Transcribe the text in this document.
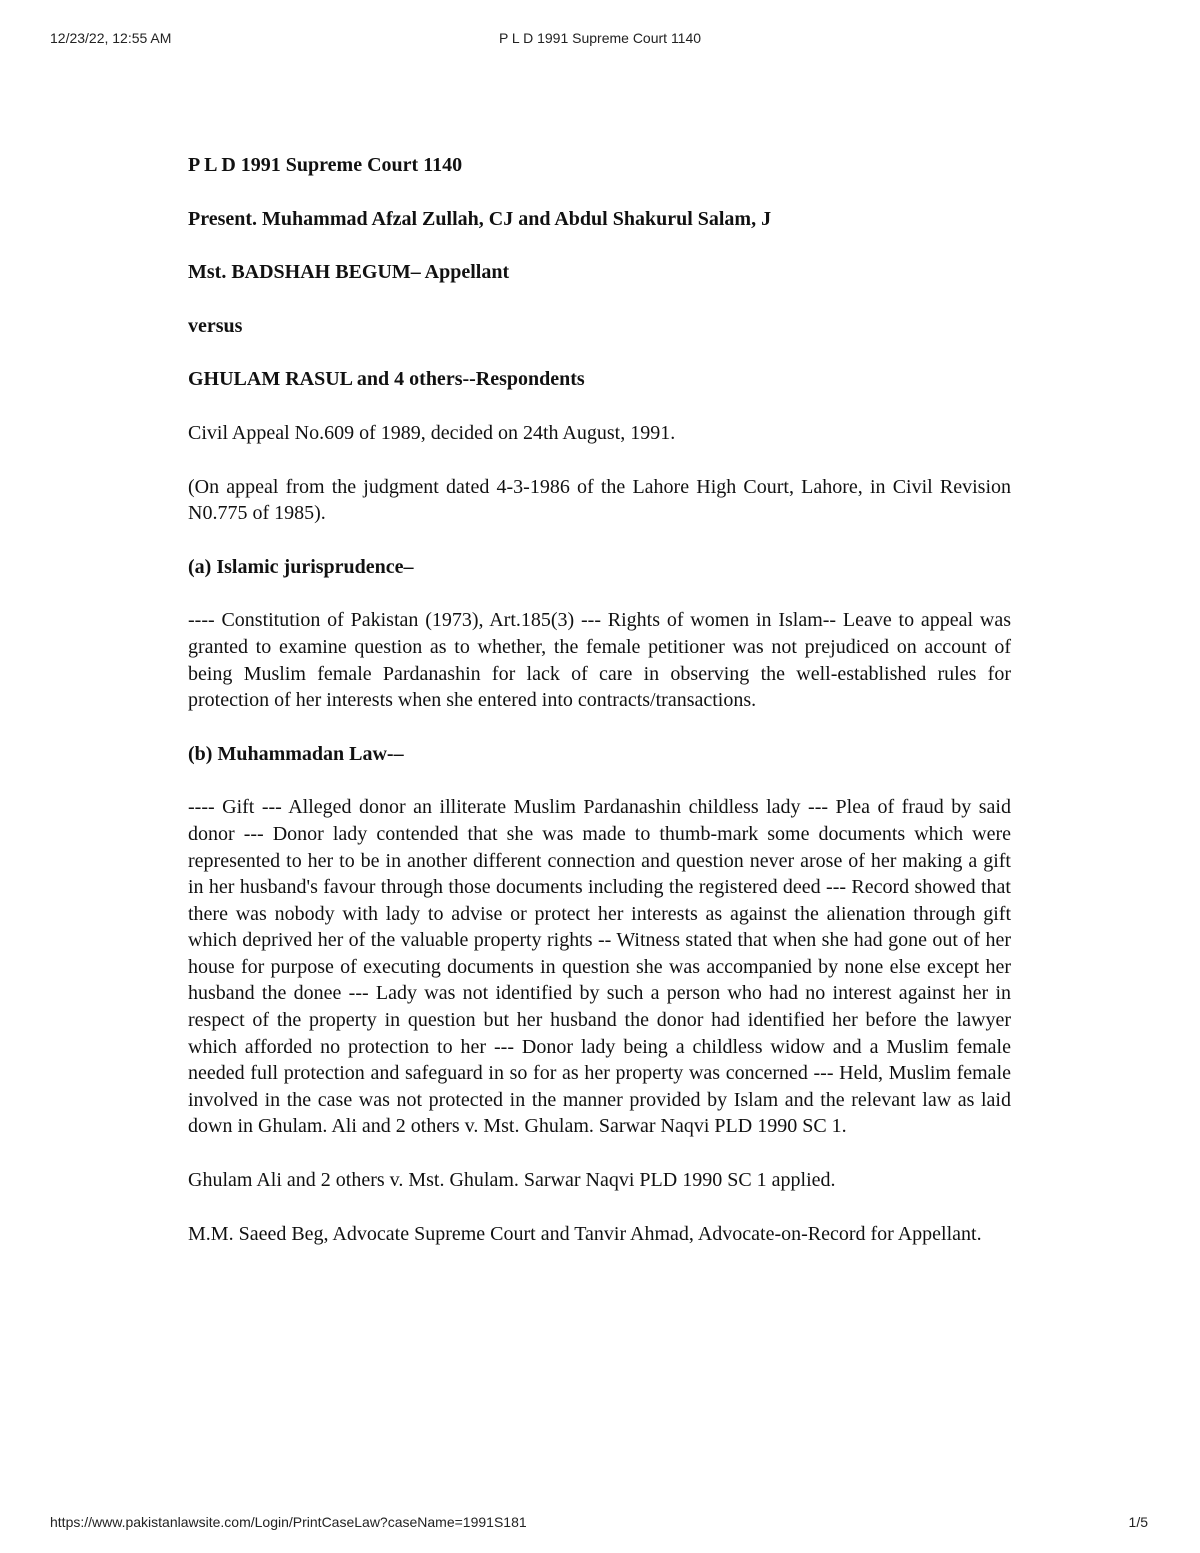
12/23/22, 12:55 AM	P L D 1991 Supreme Court 1140

P L D 1991 Supreme Court 1140

Present. Muhammad Afzal Zullah, CJ and Abdul Shakurul Salam, J

Mst. BADSHAH BEGUM– Appellant

versus

GHULAM RASUL and 4 others--Respondents

Civil Appeal No.609 of 1989, decided on 24th August, 1991.

(On appeal from the judgment dated 4-3-1986 of the Lahore High Court, Lahore, in Civil Revision N0.775 of 1985).

(a) Islamic jurisprudence–

---- Constitution of Pakistan (1973), Art.185(3) --- Rights of women in Islam-- Leave to appeal was granted to examine question as to whether, the female petitioner was not prejudiced on account of being Muslim female Pardanashin for lack of care in observing the well-established rules for protection of her interests when she entered into contracts/transactions.

(b) Muhammadan Law-–

---- Gift --- Alleged donor an illiterate Muslim Pardanashin childless lady --- Plea of fraud by said donor --- Donor lady contended that she was made to thumb-mark some documents which were represented to her to be in another different connection and question never arose of her making a gift in her husband's favour through those documents including the registered deed --- Record showed that there was nobody with lady to advise or protect her interests as against the alienation through gift which deprived her of the valuable property rights -- Witness stated that when she had gone out of her house for purpose of executing documents in question she was accompanied by none else except her husband the donee --- Lady was not identified by such a person who had no interest against her in respect of the property in question but her husband the donor had identified her before the lawyer which afforded no protection to her --- Donor lady being a childless widow and a Muslim female needed full protection and safeguard in so for as her property was concerned --- Held, Muslim female involved in the case was not protected in the manner provided by Islam and the relevant law as laid down in Ghulam. Ali and 2 others v. Mst. Ghulam. Sarwar Naqvi PLD 1990 SC 1.

Ghulam Ali and 2 others v. Mst. Ghulam. Sarwar Naqvi PLD 1990 SC 1 applied.

M.M. Saeed Beg, Advocate Supreme Court and Tanvir Ahmad, Advocate-on-Record for Appellant.

https://www.pakistanlawsite.com/Login/PrintCaseLaw?caseName=1991S181	1/5
